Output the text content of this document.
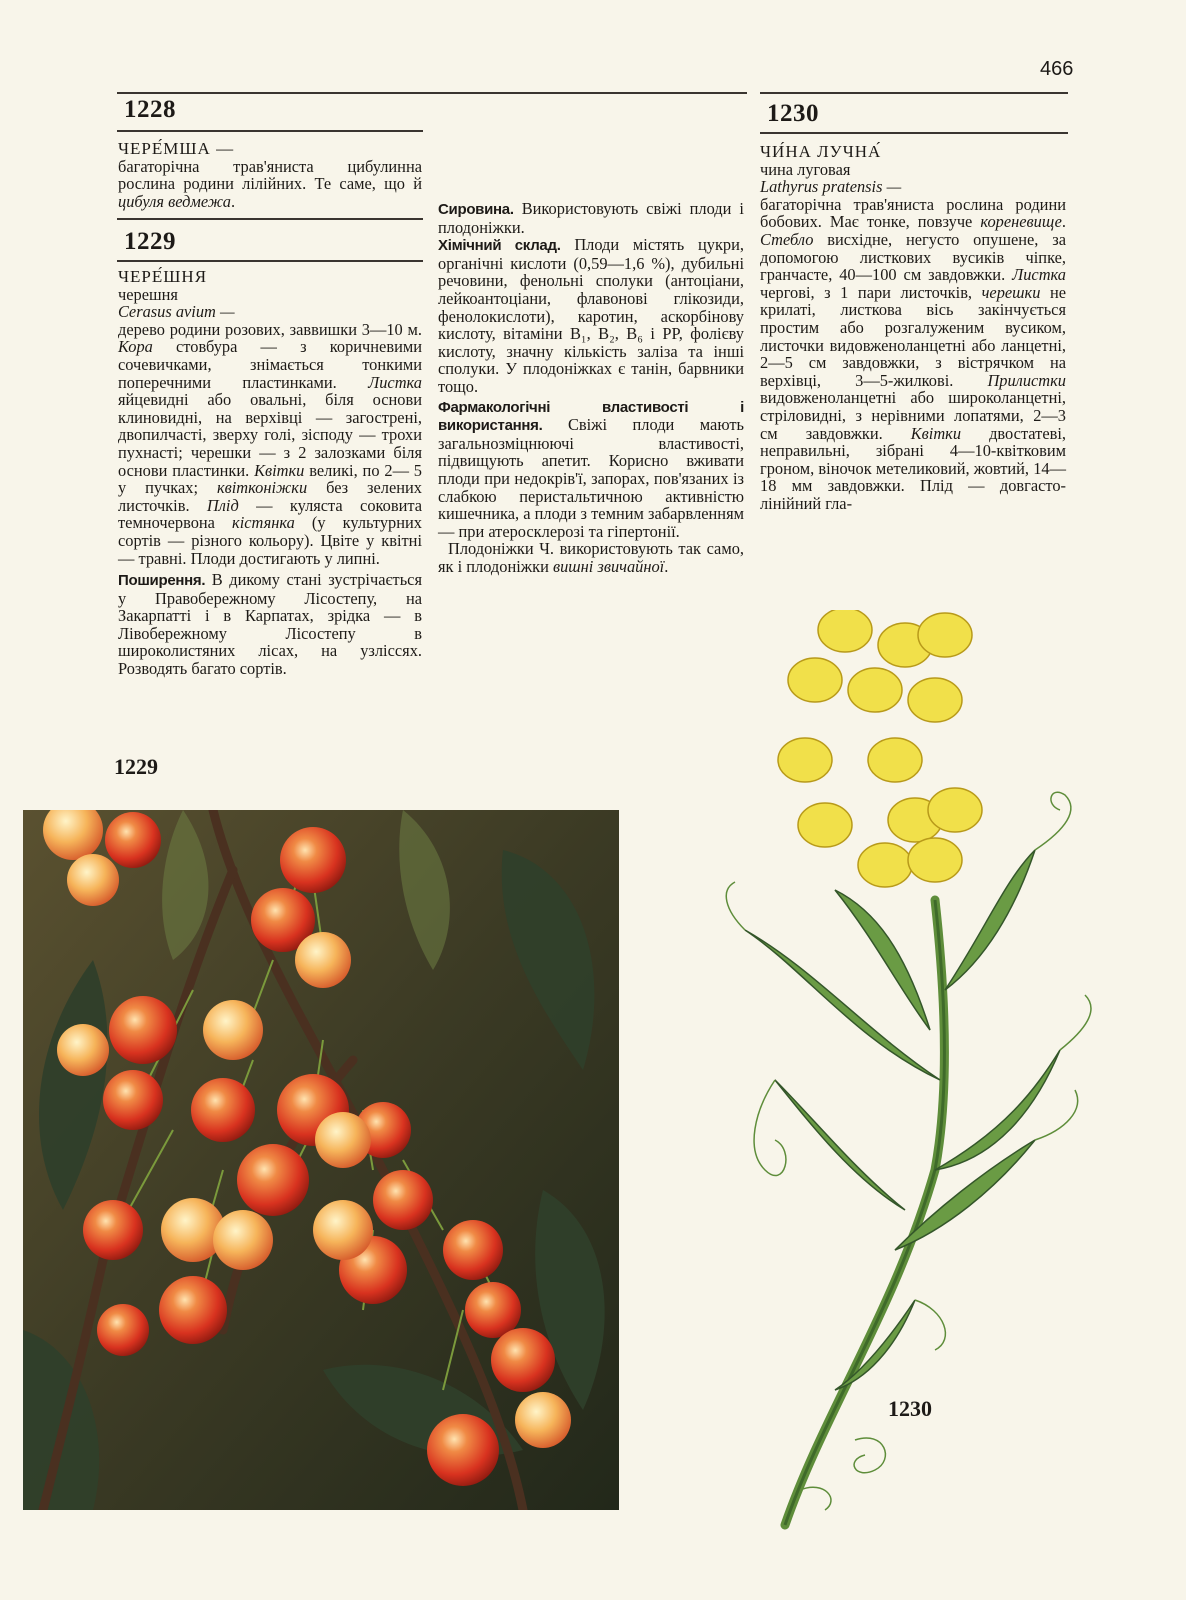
466
1228

ЧЕРЕ́МША —

багаторічна трав'яниста цибулинна рослина родини лілійних. Те саме, що й цибуля ведмежа.

1229

ЧЕРЕ́ШНЯ

черешня

Cerasus avium —

дерево родини розових, заввишки 3—10 м. Кора стовбура — з коричневими сочевичками, знімається тонкими поперечними пластинками. Листка яйцевидні або овальні, біля основи клиновидні, на верхівці — загострені, двопилчасті, зверху голі, зісподу — трохи пухнасті; черешки — з 2 залозками біля основи пластинки. Квітки великі, по 2— 5 у пучках; квітконіжки без зелених листочків. Плід — куляста соковита темночервона кістянка (у культурних сортів — різного кольору). Цвіте у квітні — травні. Плоди достигають у липні.

Поширення. В дикому стані зустрічається у Правобережному Лісостепу, на Закарпатті і в Карпатах, зрідка — в Лівобережному Лісостепу в широколистяних лісах, на узліссях. Розводять багато сортів.

Сировина. Використовують свіжі плоди і плодоніжки.

Хімічний склад. Плоди містять цукри, органічні кислоти (0,59—1,6 %), дубильні речовини, фенольні сполуки (антоціани, лейкоантоціани, флавонові глікозиди, фенолокислоти), каротин, аскорбінову кислоту, вітаміни B₁, B₂, B₆ і PP, фолієву кислоту, значну кількість заліза та інші сполуки. У плодоніжках є танін, барвники тощо.

Фармакологічні властивості і використання. Свіжі плоди мають загальнозміцнюючі властивості, підвищують апетит. Корисно вживати плоди при недокрів'ї, запорах, пов'язаних із слабкою перистальтичною активністю кишечника, а плоди з темним забарвленням — при атеросклерозі та гіпертонії.

Плодоніжки Ч. використовують так само, як і плодоніжки вишні звичайної.

1230

ЧИ́НА ЛУЧНА́

чина луговая

Lathyrus pratensis —

багаторічна трав'яниста рослина родини бобових. Має тонке, повзуче кореневище. Стебло висхідне, негусто опушене, за допомогою листкових вусиків чіпке, гранчасте, 40—100 см завдовжки. Листка чергові, з 1 пари листочків, черешки не крилаті, листкова вісь закінчується простим або розгалуженим вусиком, листочки видовженоланцетні або ланцетні, 2—5 см завдовжки, з вістрячком на верхівці, 3—5-жилкові. Прилистки видовженоланцетні або широколанцетні, стріловидні, з нерівними лопатями, 2—3 см завдовжки. Квітки двостатеві, неправильні, зібрані 4—10-квітковим гроном, віночок метеликовий, жовтий, 14—18 мм завдовжки. Плід — довгасто-лінійний гла-

1229
1230
